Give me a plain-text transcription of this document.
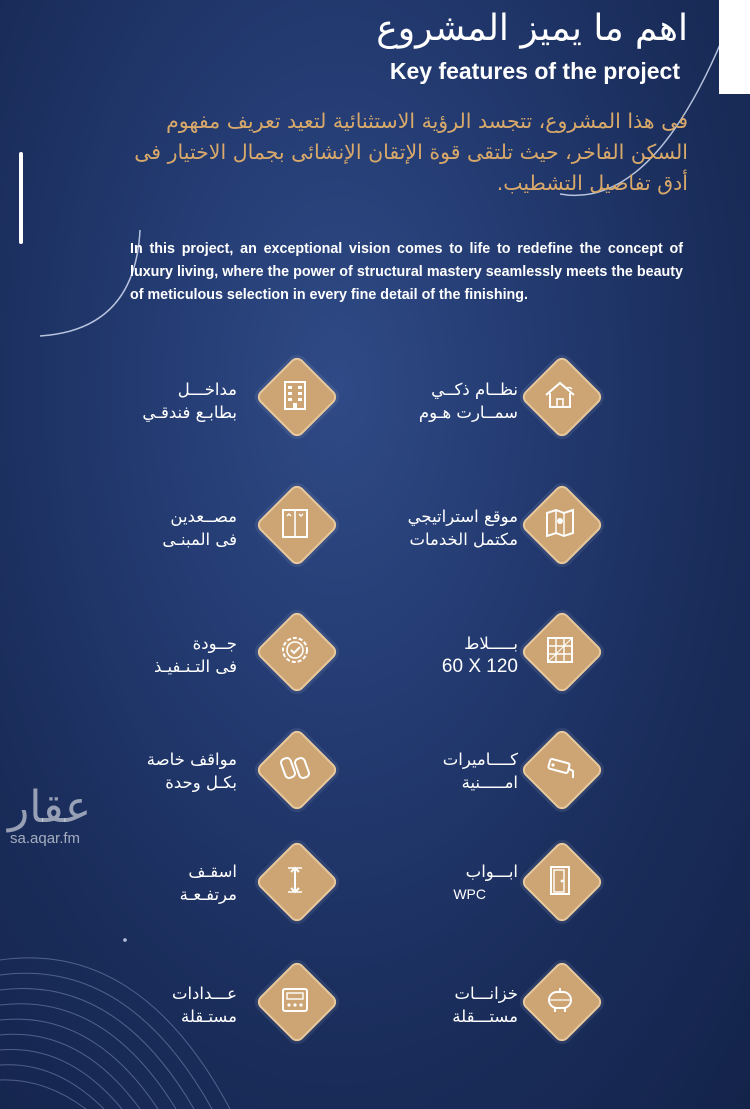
اهم ما يميز المشروع
Key features of the project
فى هذا المشروع، تتجسد الرؤية الاستثنائية لتعيد تعريف مفهوم
السكن الفاخر، حيث تلتقى قوة الإتقان الإنشائى بجمال الاختيار فى
أدق تفاصيل التشطيب.
In this project, an exceptional vision comes to life to redefine the concept of luxury living, where the power of structural mastery seamlessly meets the beauty of meticulous selection in every fine detail of the finishing.
نظــام ذكــي
سمــارت هـوم
مداخـــل
بطابـع فندقـي
موقع استراتيجي
مكتمل الخدمات
مصــعدين
فى المبنـى
بـــــلاط
60 X 120
جــودة
فى التـنـفيـذ
كــــاميرات
امـــــنية
مواقف خاصة
بكـل وحدة
ابـــواب
WPC
اسقـف
مرتفـعـة
خزانـــات
مستـــقلة
عـــدادات
مستـقلة
عقار
sa.aqar.fm
